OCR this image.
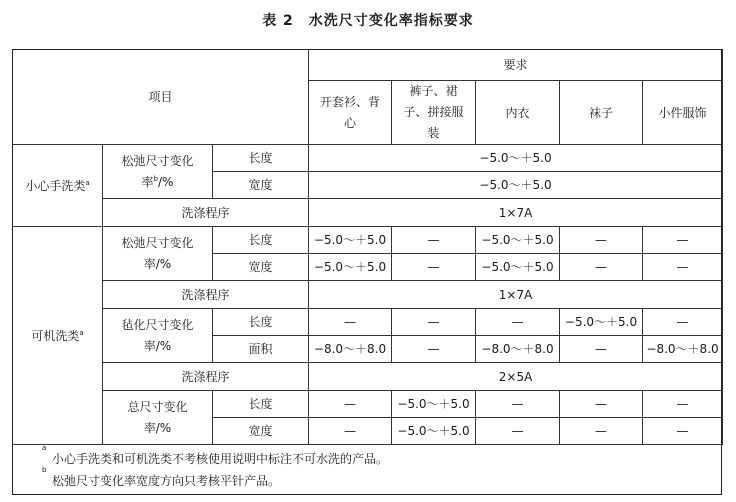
表 2　水洗尺寸变化率指标要求
项目			要求				
			开套衫、背心	裤子、裙子、拼接服装	内衣	袜子	小件服饰
小心手洗类$^a$	松弛尺寸变化率$^b$/%	长度	−5.0～＋5.0				
		宽度	−5.0～＋5.0				
	洗涤程序		1×7A				
可机洗类$^a$	松弛尺寸变化率/%	长度	−5.0～＋5.0	—	−5.0～＋5.0	—	—
		宽度	−5.0～＋5.0	—	−5.0～＋5.0	—	—
	洗涤程序		1×7A				
	毡化尺寸变化率/%	长度	—	—	—	−5.0～＋5.0	—
		面积	−8.0～＋8.0	—	−8.0～＋8.0	—	−8.0～＋8.0
	洗涤程序		2×5A				
	总尺寸变化率/%	长度	—	−5.0～＋5.0	—	—	—
		宽度	—	−5.0～＋5.0	—	—	—
a
小心手洗类和可机洗类不考核使用说明中标注不可水洗的产品。
b
松弛尺寸变化率宽度方向只考核平针产品。
